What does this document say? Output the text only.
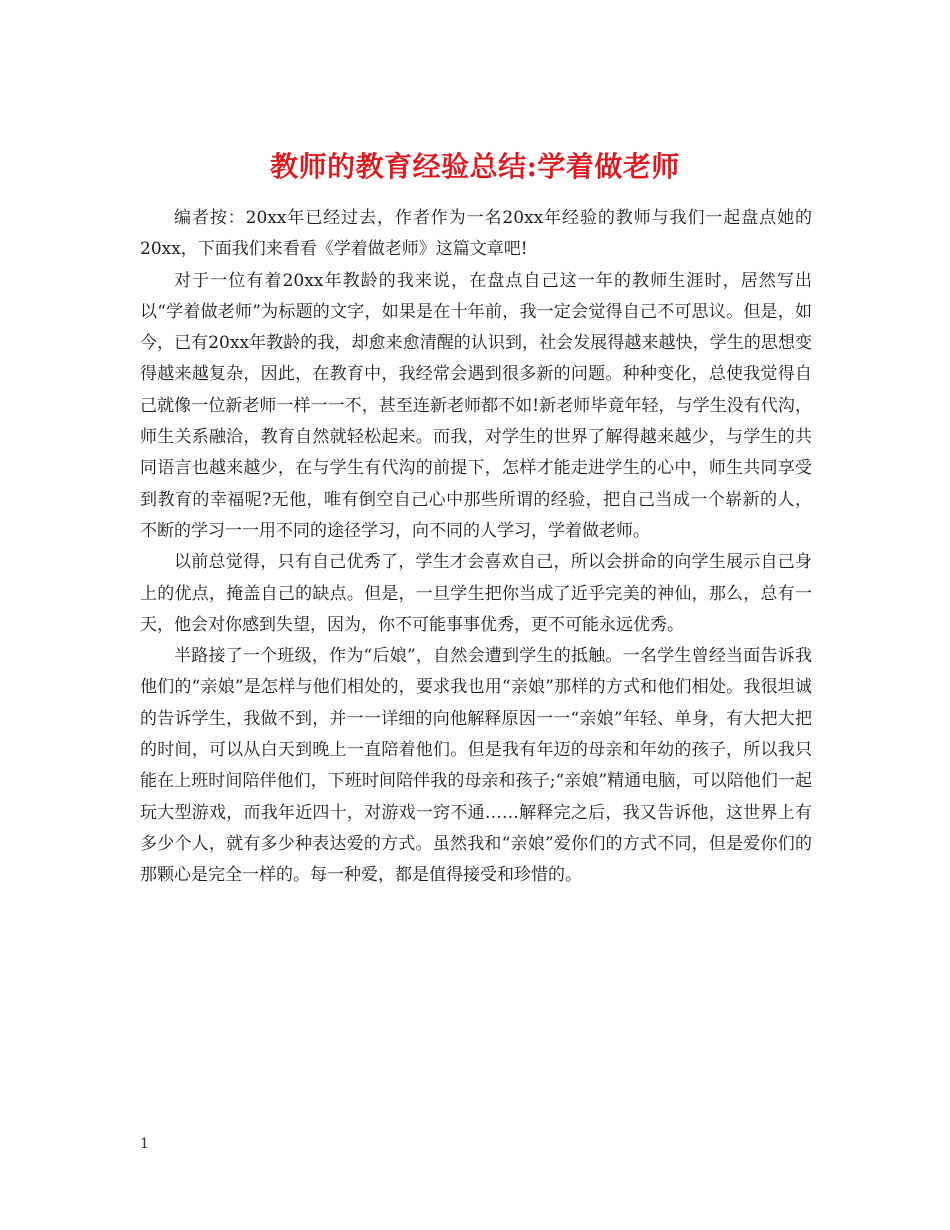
教师的教育经验总结:学着做老师

编者按：20xx年已经过去，作者作为一名20xx年经验的教师与我们一起盘点她的20xx，下面我们来看看《学着做老师》这篇文章吧!

对于一位有着20xx年教龄的我来说，在盘点自己这一年的教师生涯时，居然写出以“学着做老师”为标题的文字，如果是在十年前，我一定会觉得自己不可思议。但是，如今，已有20xx年教龄的我，却愈来愈清醒的认识到，社会发展得越来越快，学生的思想变得越来越复杂，因此，在教育中，我经常会遇到很多新的问题。种种变化，总使我觉得自己就像一位新老师一样一一不，甚至连新老师都不如!新老师毕竟年轻，与学生没有代沟，师生关系融洽，教育自然就轻松起来。而我，对学生的世界了解得越来越少，与学生的共同语言也越来越少，在与学生有代沟的前提下，怎样才能走进学生的心中，师生共同享受到教育的幸福呢?无他，唯有倒空自己心中那些所谓的经验，把自己当成一个崭新的人，不断的学习一一用不同的途径学习，向不同的人学习，学着做老师。

以前总觉得，只有自己优秀了，学生才会喜欢自己，所以会拼命的向学生展示自己身上的优点，掩盖自己的缺点。但是，一旦学生把你当成了近乎完美的神仙，那么，总有一天，他会对你感到失望，因为，你不可能事事优秀，更不可能永远优秀。

半路接了一个班级，作为“后娘”，自然会遭到学生的抵触。一名学生曾经当面告诉我他们的“亲娘”是怎样与他们相处的，要求我也用“亲娘”那样的方式和他们相处。我很坦诚的告诉学生，我做不到，并一一详细的向他解释原因一一“亲娘”年轻、单身，有大把大把的时间，可以从白天到晚上一直陪着他们。但是我有年迈的母亲和年幼的孩子，所以我只能在上班时间陪伴他们，下班时间陪伴我的母亲和孩子;“亲娘”精通电脑，可以陪他们一起玩大型游戏，而我年近四十，对游戏一窍不通……解释完之后，我又告诉他，这世界上有多少个人，就有多少种表达爱的方式。虽然我和“亲娘”爱你们的方式不同，但是爱你们的那颗心是完全一样的。每一种爱，都是值得接受和珍惜的。

1
